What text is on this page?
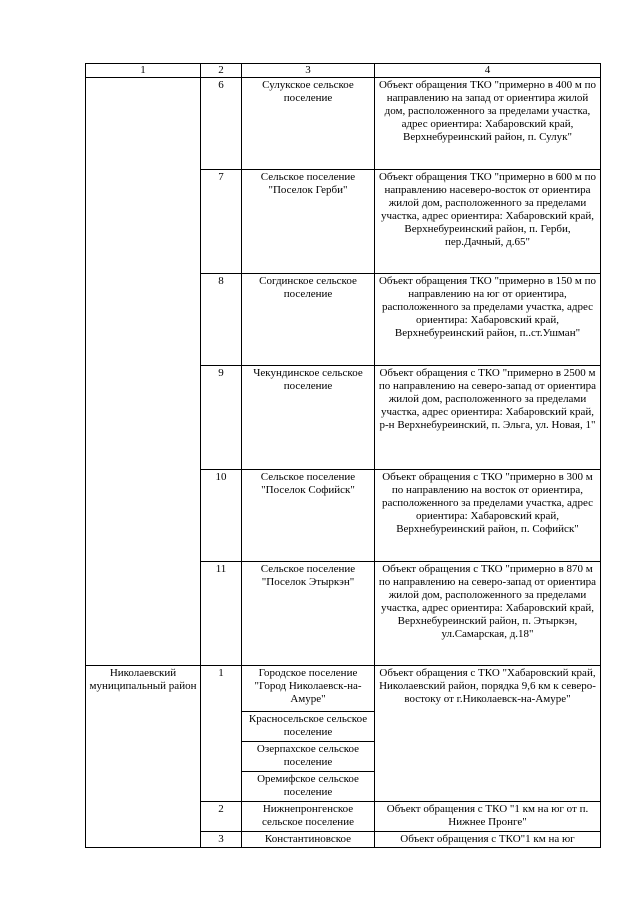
1	2	3	4
	6	Сулукское сельское поселение	Объект обращения ТКО "примерно в 400 м по направлению на запад от ориентира жилой дом, расположенного за пределами участка, адрес ориентира: Хабаровский край, Верхнебуреинский район, п. Сулук"
	7	Сельское поселение "Поселок Герби"	Объект обращения ТКО "примерно в 600 м по направлению насеверо-восток от ориентира жилой дом, расположенного за пределами участка, адрес ориентира: Хабаровский край, Верхнебуреинский район, п. Герби, пер.Дачный, д.65"
	8	Согдинское сельское поселение	Объект обращения ТКО "примерно в 150 м по направлению на юг от ориентира, расположенного за пределами участка, адрес ориентира: Хабаровский край, Верхнебуреинский район, п..ст.Ушман"
	9	Чекундинское сельское поселение	Объект обращения с ТКО "примерно в 2500 м по направлению на северо-запад от ориентира жилой дом, расположенного за пределами участка, адрес ориентира: Хабаровский край, р-н Верхнебуреинский, п. Эльга, ул. Новая, 1"
	10	Сельское поселение "Поселок Софийск"	Объект обращения с ТКО "примерно в 300 м по направлению на восток от ориентира, расположенного за пределами участка, адрес ориентира: Хабаровский край, Верхнебуреинский район, п. Софийск"
	11	Сельское поселение "Поселок Этыркэн"	Объект обращения с ТКО "примерно в 870 м по направлению на северо-запад от ориентира жилой дом, расположенного за пределами участка, адрес ориентира: Хабаровский край, Верхнебуреинский район, п. Этыркэн, ул.Самарская, д.18"
Николаевский муниципальный район	1	Городское поселение "Город Николаевск-на-Амуре"	Объект обращения с ТКО "Хабаровский край, Николаевский район, порядка 9,6 км к северо-востоку от г.Николаевск-на-Амуре"
		Красносельское сельское поселение	
		Озерпахское сельское поселение	
		Оремифское сельское поселение	
	2	Нижнепронгенское сельское поселение	Объект обращения с ТКО "1 км на юг от п. Нижнее Пронге"
	3	Константиновское	Объект обращения с ТКО"1 км на юг
